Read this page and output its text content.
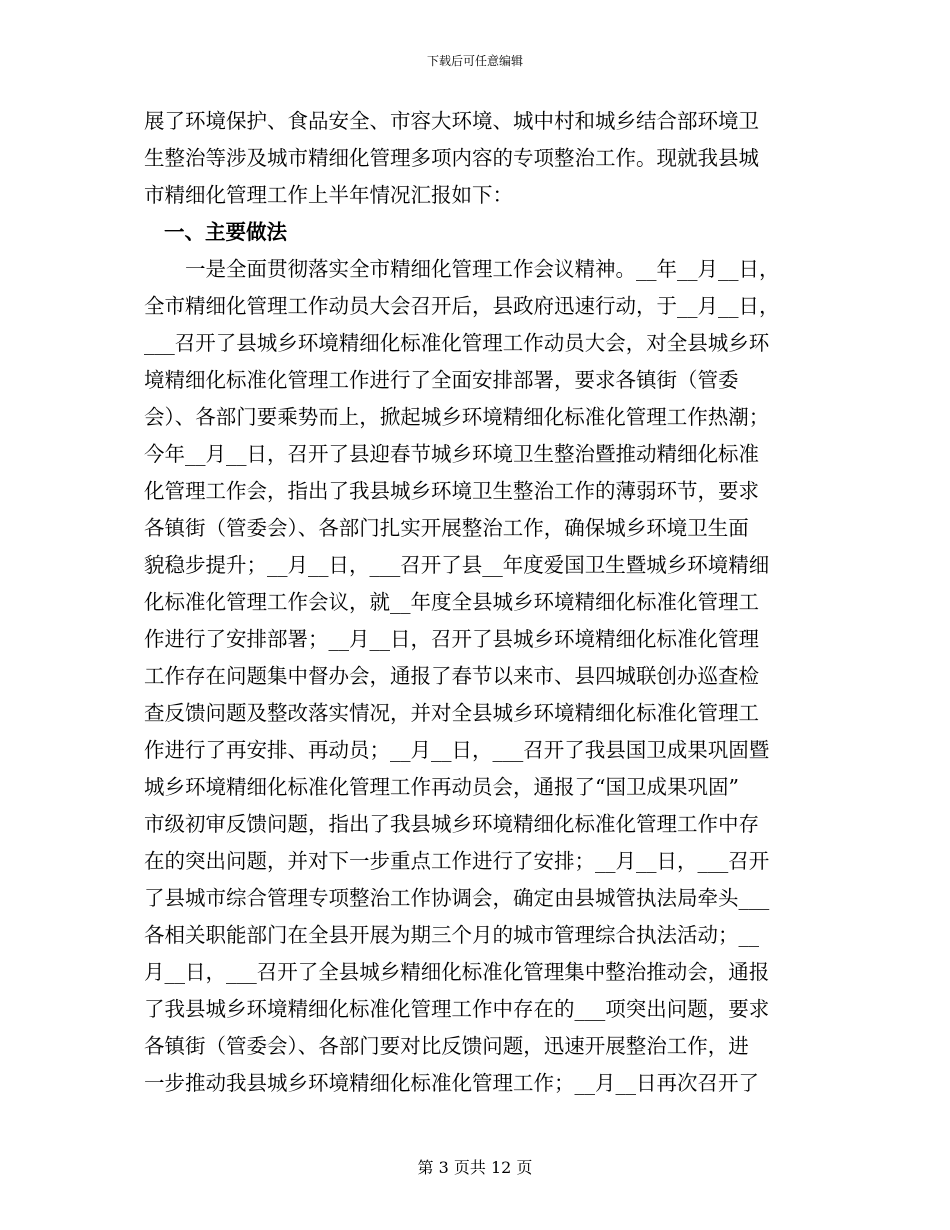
下载后可任意编辑
展了环境保护、食品安全、市容大环境、城中村和城乡结合部环境卫
生整治等涉及城市精细化管理多项内容的专项整治工作。现就我县城
市精细化管理工作上半年情况汇报如下：
一、主要做法
一是全面贯彻落实全市精细化管理工作会议精神。__年__月__日，
全市精细化管理工作动员大会召开后，县政府迅速行动，于__月__日，
___召开了县城乡环境精细化标准化管理工作动员大会，对全县城乡环
境精细化标准化管理工作进行了全面安排部署，要求各镇街（管委
会）、各部门要乘势而上，掀起城乡环境精细化标准化管理工作热潮；
今年__月__日，召开了县迎春节城乡环境卫生整治暨推动精细化标准
化管理工作会，指出了我县城乡环境卫生整治工作的薄弱环节，要求
各镇街（管委会）、各部门扎实开展整治工作，确保城乡环境卫生面
貌稳步提升；__月__日，___召开了县__年度爱国卫生暨城乡环境精细
化标准化管理工作会议，就__年度全县城乡环境精细化标准化管理工
作进行了安排部署；__月__日，召开了县城乡环境精细化标准化管理
工作存在问题集中督办会，通报了春节以来市、县四城联创办巡查检
查反馈问题及整改落实情况，并对全县城乡环境精细化标准化管理工
作进行了再安排、再动员；__月__日，___召开了我县国卫成果巩固暨
城乡环境精细化标准化管理工作再动员会，通报了“国卫成果巩固”
市级初审反馈问题，指出了我县城乡环境精细化标准化管理工作中存
在的突出问题，并对下一步重点工作进行了安排；__月__日，___召开
了县城市综合管理专项整治工作协调会，确定由县城管执法局牵头___
各相关职能部门在全县开展为期三个月的城市管理综合执法活动；__
月__日，___召开了全县城乡精细化标准化管理集中整治推动会，通报
了我县城乡环境精细化标准化管理工作中存在的___项突出问题，要求
各镇街（管委会）、各部门要对比反馈问题，迅速开展整治工作，进
一步推动我县城乡环境精细化标准化管理工作；__月__日再次召开了
第 3 页共 12 页
